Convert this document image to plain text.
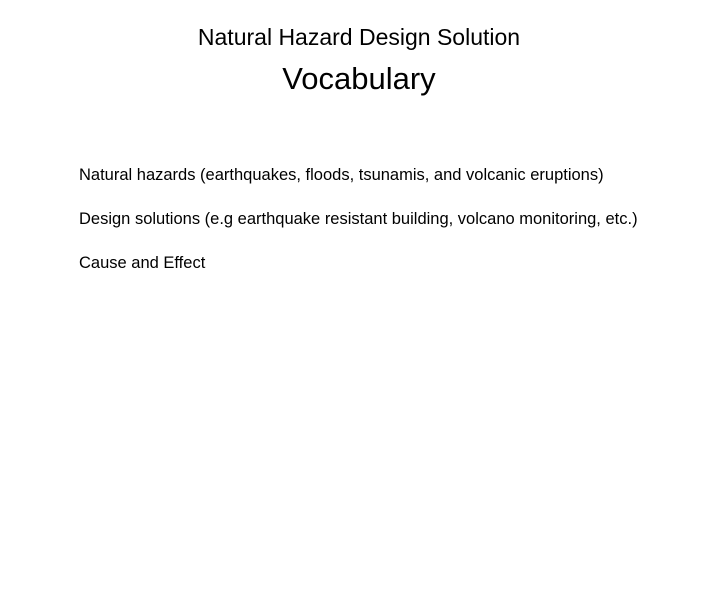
Natural Hazard Design Solution
Vocabulary

Natural hazards (earthquakes, floods, tsunamis, and volcanic eruptions)

Design solutions (e.g earthquake resistant building, volcano monitoring, etc.)

Cause and Effect
